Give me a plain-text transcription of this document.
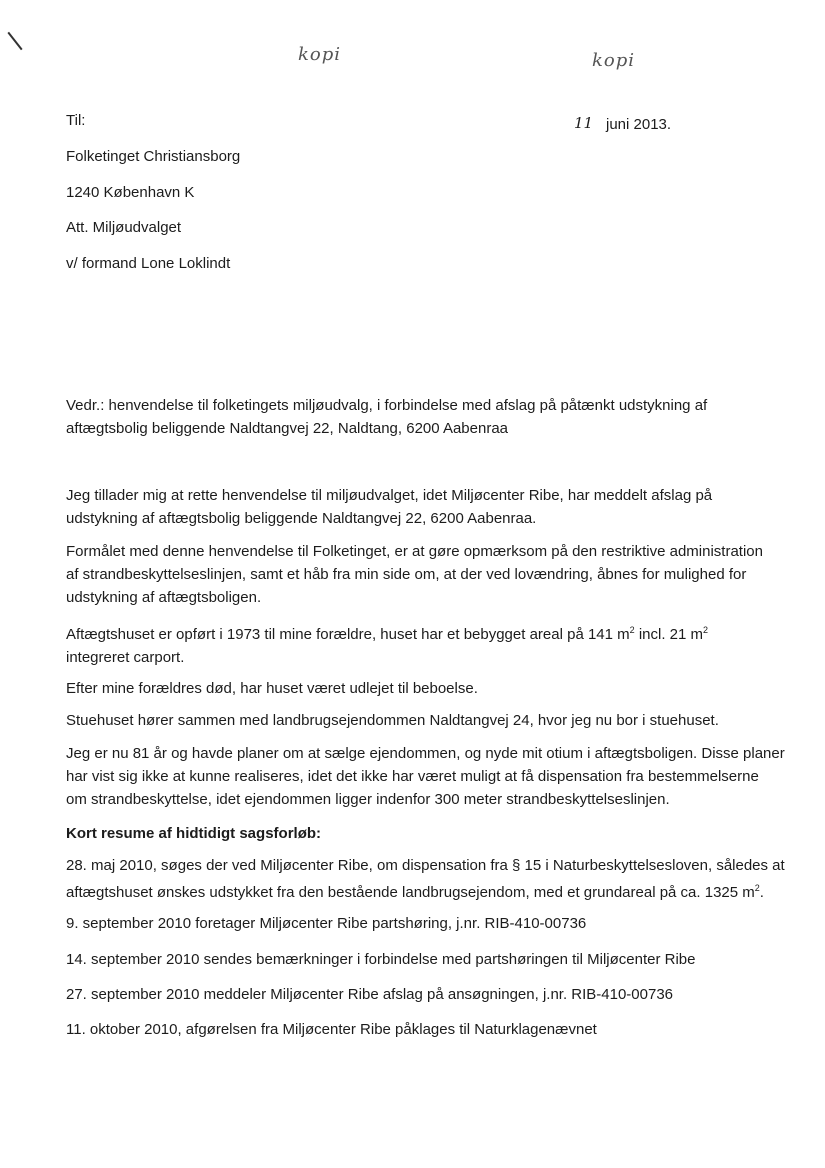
kopi	kopi
Til:	11 juni 2013.
Folketinget Christiansborg
1240 København K
Att. Miljøudvalget
v/ formand Lone Loklindt
Vedr.: henvendelse til folketingets miljøudvalg, i forbindelse med afslag på påtænkt udstykning af
aftægtsbolig beliggende Naldtangvej 22, Naldtang, 6200 Aabenraa
Jeg tillader mig at rette henvendelse til miljøudvalget, idet Miljøcenter Ribe, har meddelt afslag på
udstykning af aftægtsbolig beliggende Naldtangvej 22, 6200 Aabenraa.
Formålet med denne henvendelse til Folketinget, er at gøre opmærksom på den restriktive administration
af strandbeskyttelseslinjen, samt et håb fra min side om, at der ved lovændring, åbnes for mulighed for
udstykning af aftægtsboligen.
Aftægtshuset er opført i 1973 til mine forældre, huset har et bebygget areal på 141 $m^2$ incl. 21 $m^2$
integreret carport.
Efter mine forældres død, har huset været udlejet til beboelse.
Stuehuset hører sammen med landbrugsejendommen Naldtangvej 24, hvor jeg nu bor i stuehuset.
Jeg er nu 81 år og havde planer om at sælge ejendommen, og nyde mit otium i aftægtsboligen. Disse planer
har vist sig ikke at kunne realiseres, idet det ikke har været muligt at få dispensation fra bestemmelserne
om strandbeskyttelse, idet ejendommen ligger indenfor 300 meter strandbeskyttelseslinjen.
Kort resume af hidtidigt sagsforløb:
28. maj 2010, søges der ved Miljøcenter Ribe, om dispensation fra § 15 i Naturbeskyttelsesloven, således at
aftægtshuset ønskes udstykket fra den bestående landbrugsejendom, med et grundareal på ca. 1325 $m^2$.
9. september 2010 foretager Miljøcenter Ribe partshøring, j.nr. RIB-410-00736
14. september 2010 sendes bemærkninger i forbindelse med partshøringen til Miljøcenter Ribe
27. september 2010 meddeler Miljøcenter Ribe afslag på ansøgningen, j.nr. RIB-410-00736
11. oktober 2010, afgørelsen fra Miljøcenter Ribe påklages til Naturklagenævnet
